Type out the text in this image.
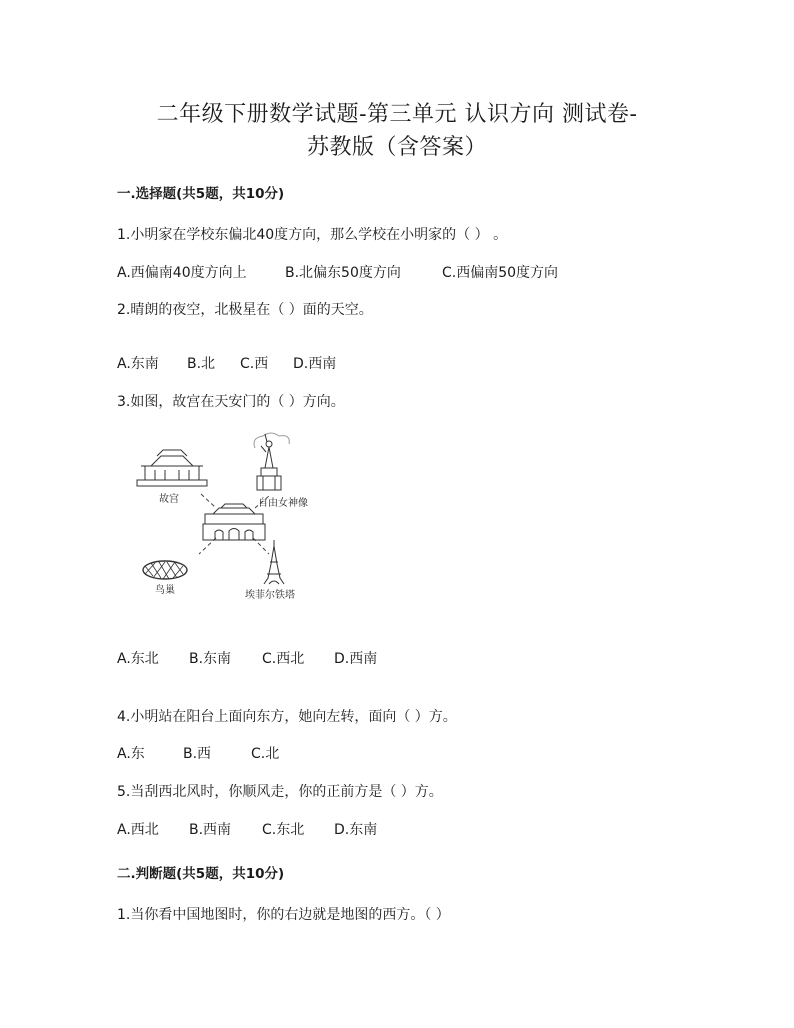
二年级下册数学试题-第三单元 认识方向 测试卷-
苏教版（含答案）
一.选择题(共5题，共10分)
1.小明家在学校东偏北40度方向，那么学校在小明家的（ ） 。
A.西偏南40度方向上	B.北偏东50度方向	C.西偏南50度方向
2.晴朗的夜空，北极星在（ ）面的天空。
A.东南	B.北	C.西	D.西南
3.如图，故宫在天安门的（ ）方向。
故宫	自由女神像
鸟巢	埃菲尔铁塔
A.东北	B.东南	C.西北	D.西南
4.小明站在阳台上面向东方，她向左转，面向（ ）方。
A.东	B.西	C.北
5.当刮西北风时，你顺风走，你的正前方是（ ）方。
A.西北	B.西南	C.东北	D.东南
二.判断题(共5题，共10分)
1.当你看中国地图时，你的右边就是地图的西方。（ ）
